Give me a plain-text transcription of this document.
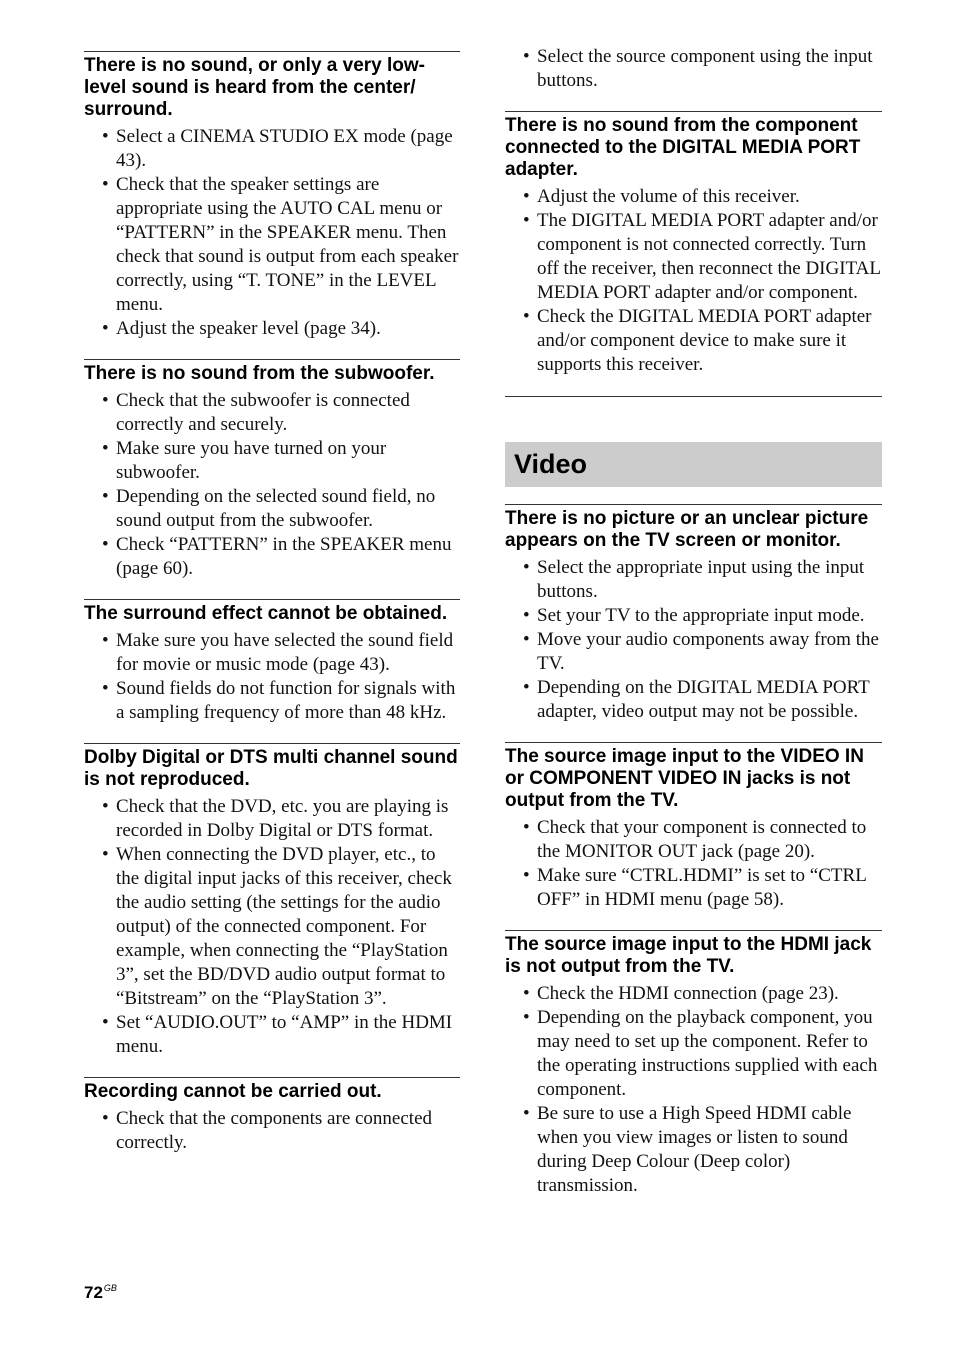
There is no sound, or only a very low-level sound is heard from the center/ surround.
• Select a CINEMA STUDIO EX mode (page 43).
• Check that the speaker settings are appropriate using the AUTO CAL menu or “PATTERN” in the SPEAKER menu. Then check that sound is output from each speaker correctly, using “T. TONE” in the LEVEL menu.
• Adjust the speaker level (page 34).
There is no sound from the subwoofer.
• Check that the subwoofer is connected correctly and securely.
• Make sure you have turned on your subwoofer.
• Depending on the selected sound field, no sound output from the subwoofer.
• Check “PATTERN” in the SPEAKER menu (page 60).
The surround effect cannot be obtained.
• Make sure you have selected the sound field for movie or music mode (page 43).
• Sound fields do not function for signals with a sampling frequency of more than 48 kHz.
Dolby Digital or DTS multi channel sound is not reproduced.
• Check that the DVD, etc. you are playing is recorded in Dolby Digital or DTS format.
• When connecting the DVD player, etc., to the digital input jacks of this receiver, check the audio setting (the settings for the audio output) of the connected component. For example, when connecting the “PlayStation 3”, set the BD/DVD audio output format to “Bitstream” on the “PlayStation 3”.
• Set “AUDIO.OUT” to “AMP” in the HDMI menu.
Recording cannot be carried out.
• Check that the components are connected correctly.
• Select the source component using the input buttons.
There is no sound from the component connected to the DIGITAL MEDIA PORT adapter.
• Adjust the volume of this receiver.
• The DIGITAL MEDIA PORT adapter and/or component is not connected correctly. Turn off the receiver, then reconnect the DIGITAL MEDIA PORT adapter and/or component.
• Check the DIGITAL MEDIA PORT adapter and/or component device to make sure it supports this receiver.
Video
There is no picture or an unclear picture appears on the TV screen or monitor.
• Select the appropriate input using the input buttons.
• Set your TV to the appropriate input mode.
• Move your audio components away from the TV.
• Depending on the DIGITAL MEDIA PORT adapter, video output may not be possible.
The source image input to the VIDEO IN or COMPONENT VIDEO IN jacks is not output from the TV.
• Check that your component is connected to the MONITOR OUT jack (page 20).
• Make sure “CTRL.HDMI” is set to “CTRL OFF” in HDMI menu (page 58).
The source image input to the HDMI jack is not output from the TV.
• Check the HDMI connection (page 23).
• Depending on the playback component, you may need to set up the component. Refer to the operating instructions supplied with each component.
• Be sure to use a High Speed HDMI cable when you view images or listen to sound during Deep Colour (Deep color) transmission.
$72^{GB}$
